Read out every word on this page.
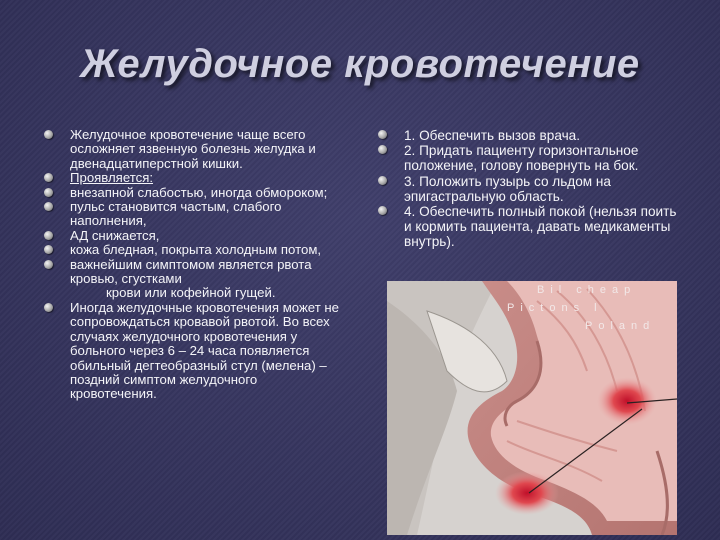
Желудочное кровотечение
Желудочное кровотечение чаще всего осложняет язвенную болезнь желудка и двенадцатиперстной кишки.
Проявляется:
внезапной слабостью, иногда обмороком;
пульс становится частым, слабого наполнения,
АД снижается,
кожа бледная, покрыта холодным потом,
важнейшим симптомом является рвота кровью, сгустками
крови или кофейной гущей.
Иногда желудочные кровотечения может не сопровождаться кровавой рвотой. Во всех случаях желудочного кровотечения у больного через 6 – 24 часа появляется обильный дегтеобразный стул (мелена) – поздний симптом желудочного кровотечения.
1. Обеспечить вызов врача.
2. Придать пациенту горизонтальное положение, голову повернуть на бок.
3. Положить пузырь со льдом на эпигастральную область.
4. Обеспечить полный покой (нельзя поить и кормить пациента, давать медикаменты внутрь).
Bil cheap
Pictons l
Poland
